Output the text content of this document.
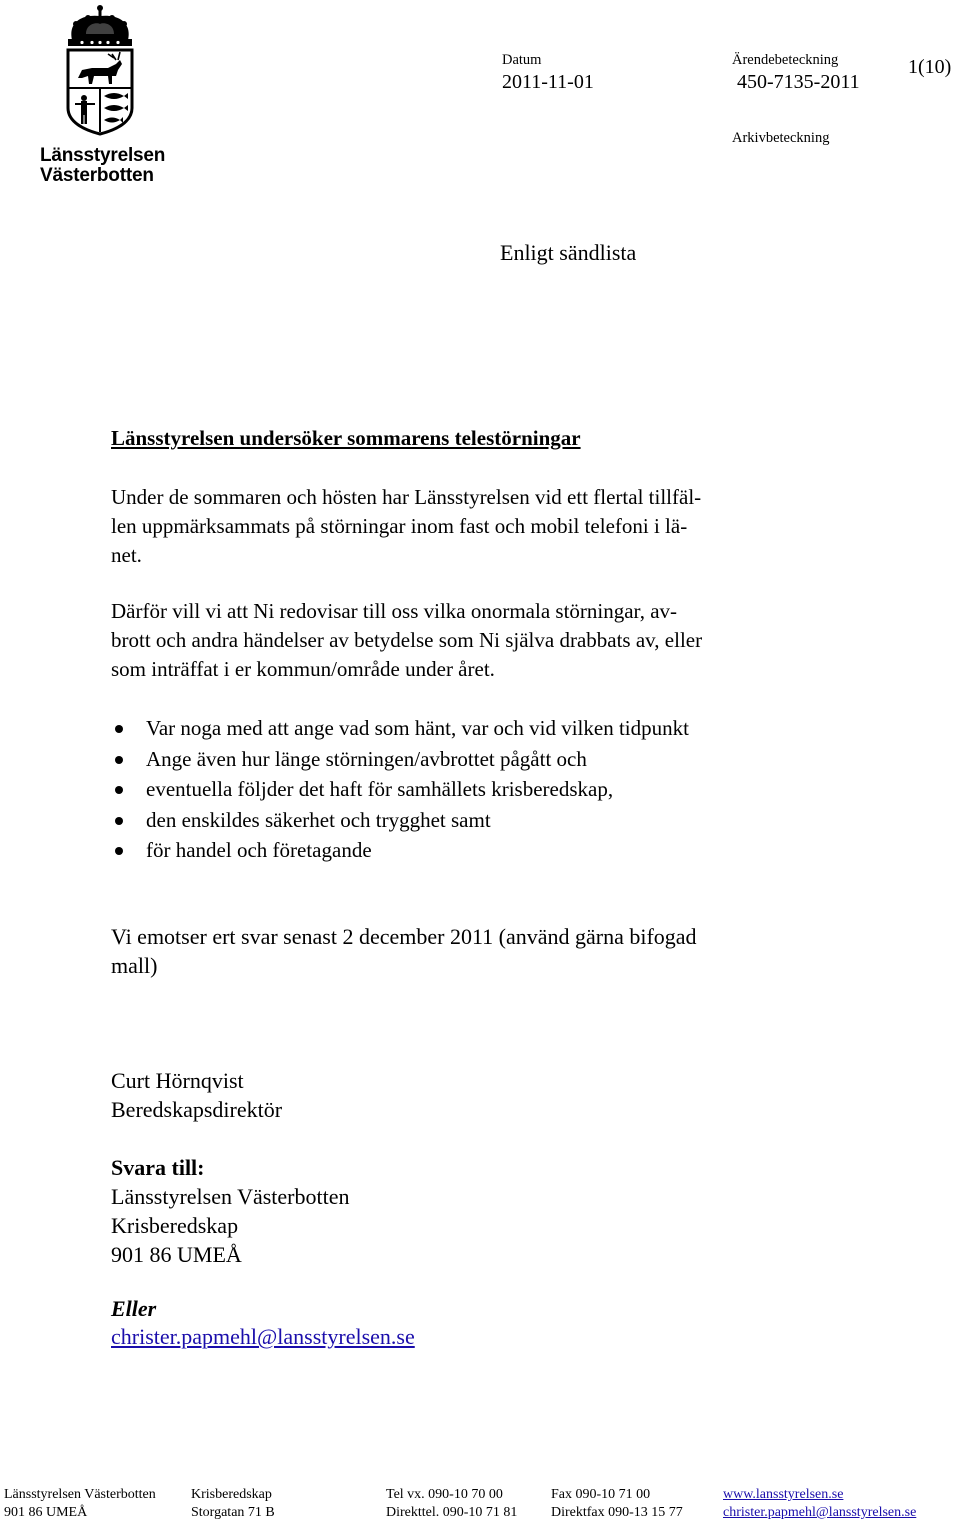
Länsstyrelsen
Västerbotten
Datum
2011-11-01
Ärendebeteckning
450-7135-2011
Arkivbeteckning
1(10)
Enligt sändlista
Länsstyrelsen undersöker sommarens telestörningar
Under de sommaren och hösten har Länsstyrelsen vid ett flertal tillfäl-
len uppmärksammats på störningar inom fast och mobil telefoni i lä-
net.
Därför vill vi att Ni redovisar till oss vilka onormala störningar, av-
brott och andra händelser av betydelse som Ni själva drabbats av, eller
som inträffat i er kommun/område under året.
Var noga med att ange vad som hänt, var och vid vilken tidpunkt
Ange även hur länge störningen/avbrottet pågått och
eventuella följder det haft för samhällets krisberedskap,
den enskildes säkerhet och trygghet samt
för handel och företagande
Vi emotser ert svar senast 2 december 2011 (använd gärna bifogad
mall)
Curt Hörnqvist
Beredskapsdirektör
Svara till:
Länsstyrelsen Västerbotten
Krisberedskap
901 86 UMEÅ
Eller
christer.papmehl@lansstyrelsen.se
Länsstyrelsen Västerbotten
901 86 UMEÅ
Krisberedskap
Storgatan 71 B
Tel vx. 090-10 70 00
Direkttel. 090-10 71 81
Fax 090-10 71 00
Direktfax 090-13 15 77
www.lansstyrelsen.se
christer.papmehl@lansstyrelsen.se
